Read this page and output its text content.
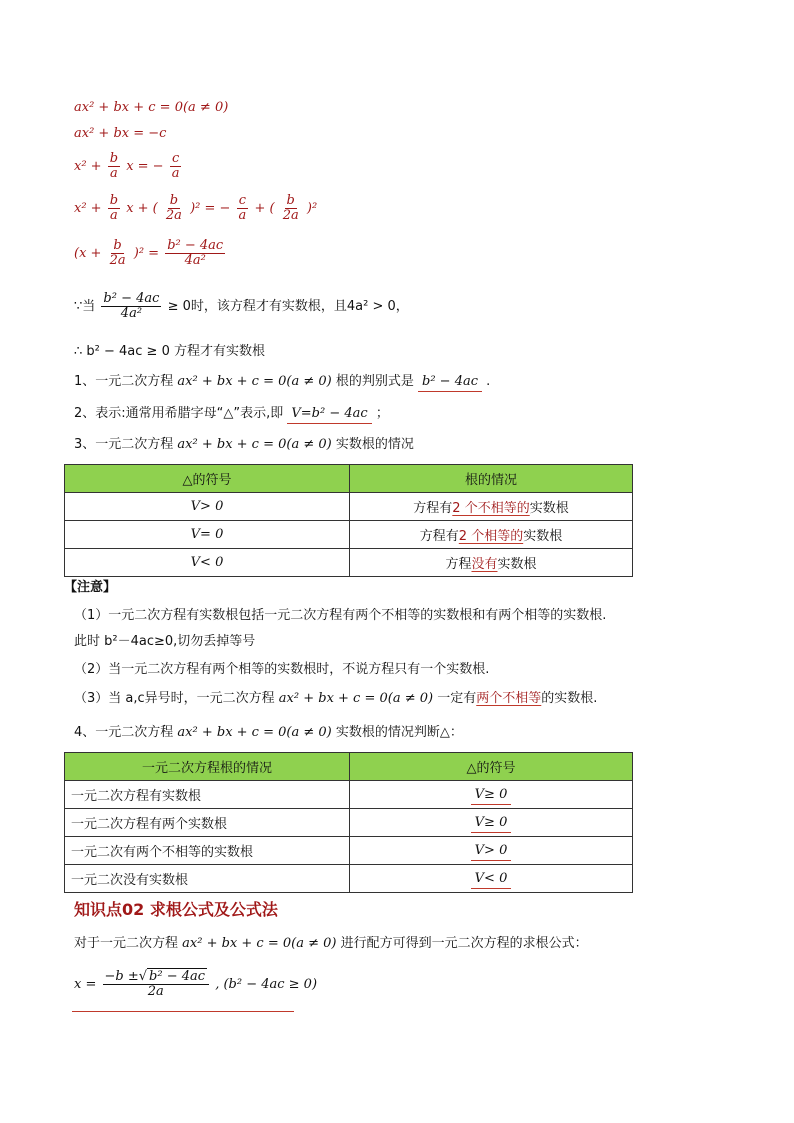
ax² + bx + c = 0(a ≠ 0)
ax² + bx = −c
$x^2 + \frac{b}{a}$ x = − $\frac{c}{a}$
$x^2 + \frac{b}{a}$ x + ( $\frac{b}{2a} )^2$ = − $\frac{c}{a}$ + ( $\frac{b}{2a} )^2$
$(x + \frac{b}{2a} )^2 = \frac{\text{b² − 4ac}}{\text{4a²}}$
∵当 $\frac{\text{b² − 4ac}}{\text{4a²}} \ge 0$时，该方程才有实数根，且4a² > 0，
∴ b² − 4ac ≥ 0 方程才有实数根
1、一元二次方程 ax² + bx + c = 0(a ≠ 0) 根的判别式是 b² − 4ac .
2、表示:通常用希腊字母“△”表示,即 V=b² − 4ac ；
3、一元二次方程 ax² + bx + c = 0(a ≠ 0) 实数根的情况
△的符号	根的情况
V> 0	方程有2 个不相等的实数根
V= 0	方程有2 个相等的实数根
V< 0	方程没有实数根
【注意】
（1）一元二次方程有实数根包括一元二次方程有两个不相等的实数根和有两个相等的实数根.
此时 b²－4ac≥0,切勿丢掉等号
（2）当一元二次方程有两个相等的实数根时，不说方程只有一个实数根.
（3）当 a,c异号时，一元二次方程 ax² + bx + c = 0(a ≠ 0) 一定有两个不相等的实数根.
4、一元二次方程 ax² + bx + c = 0(a ≠ 0) 实数根的情况判断△：
一元二次方程根的情况	△的符号
一元二次方程有实数根	V≥ 0
一元二次方程有两个实数根	V≥ 0
一元二次有两个不相等的实数根	V> 0
一元二次没有实数根	V< 0
知识点02 求根公式及公式法
对于一元二次方程 ax² + bx + c = 0(a ≠ 0) 进行配方可得到一元二次方程的求根公式：
$x = \frac{\text{−b ±√ b² − 4ac}}{2a}$ , (b² − 4ac ≥ 0)
